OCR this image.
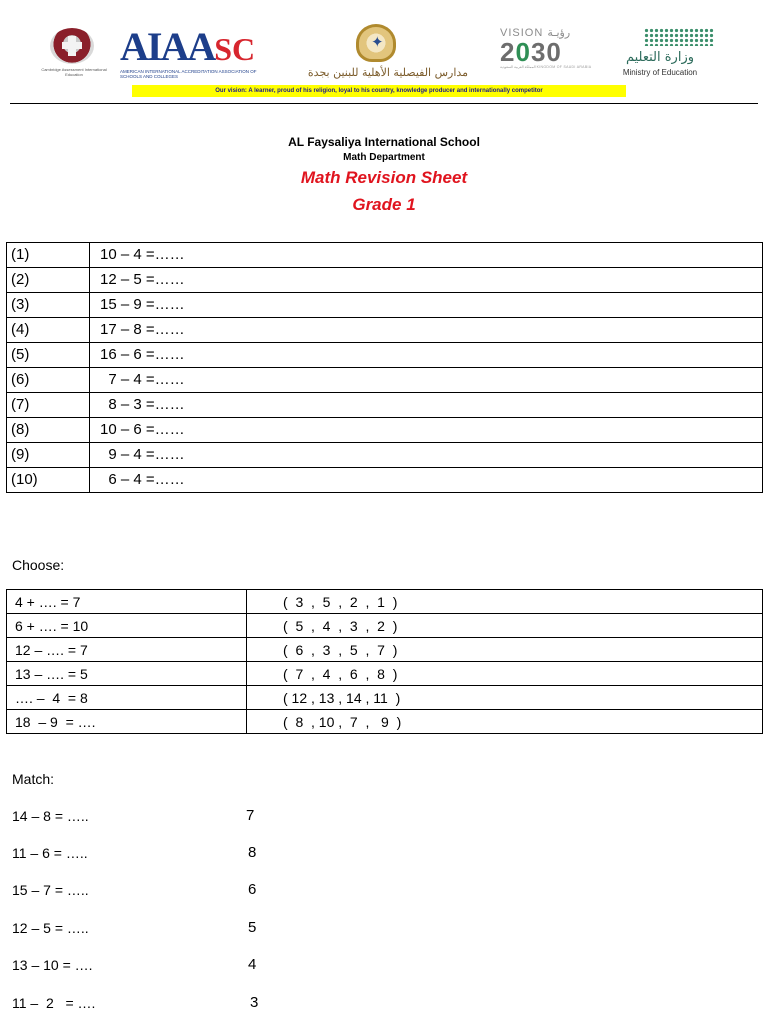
Cambridge Assessment International Education
AIAASC
AMERICAN INTERNATIONAL ACCREDITATION ASSOCIATION OF SCHOOLS AND COLLEGES
✦
مدارس الفيصلية الأهلية للبنين بجدة
VISION رؤيـة
2030
المملكة العربية السعودية KINGDOM OF SAUDI ARABIA
وزارة التعليم
Ministry of Education
Our vision: A learner, proud of his religion, loyal to his country, knowledge producer and internationally competitor
AL Faysaliya International School
Math Department
Math Revision Sheet
Grade 1
(1)	10 – 4 =……
(2)	12 – 5 =……
(3)	15 – 9 =……
(4)	17 – 8 =……
(5)	16 – 6 =……
(6)	7 – 4 =……
(7)	8 – 3 =……
(8)	10 – 6 =……
(9)	9 – 4 =……
(10)	6 – 4 =……
Choose:
4 + …. = 7	(  3  ,  5  ,  2  ,  1  )
6 + …. = 10	(  5  ,  4  ,  3  ,  2  )
12 – …. = 7	(  6  ,  3  ,  5  ,  7  )
13 – …. = 5	(  7  ,  4  ,  6  ,  8  )
…. –  4  = 8	( 12 , 13 , 14 , 11  )
18  – 9  = ….	(  8  , 10 ,  7  ,   9  )
Match:
14 – 8 = …..	7
11 – 6 = …..	8
15 – 7 = …..	6
12 – 5 = …..	5
13 – 10 = ….	4
11 –  2   = ….	3
